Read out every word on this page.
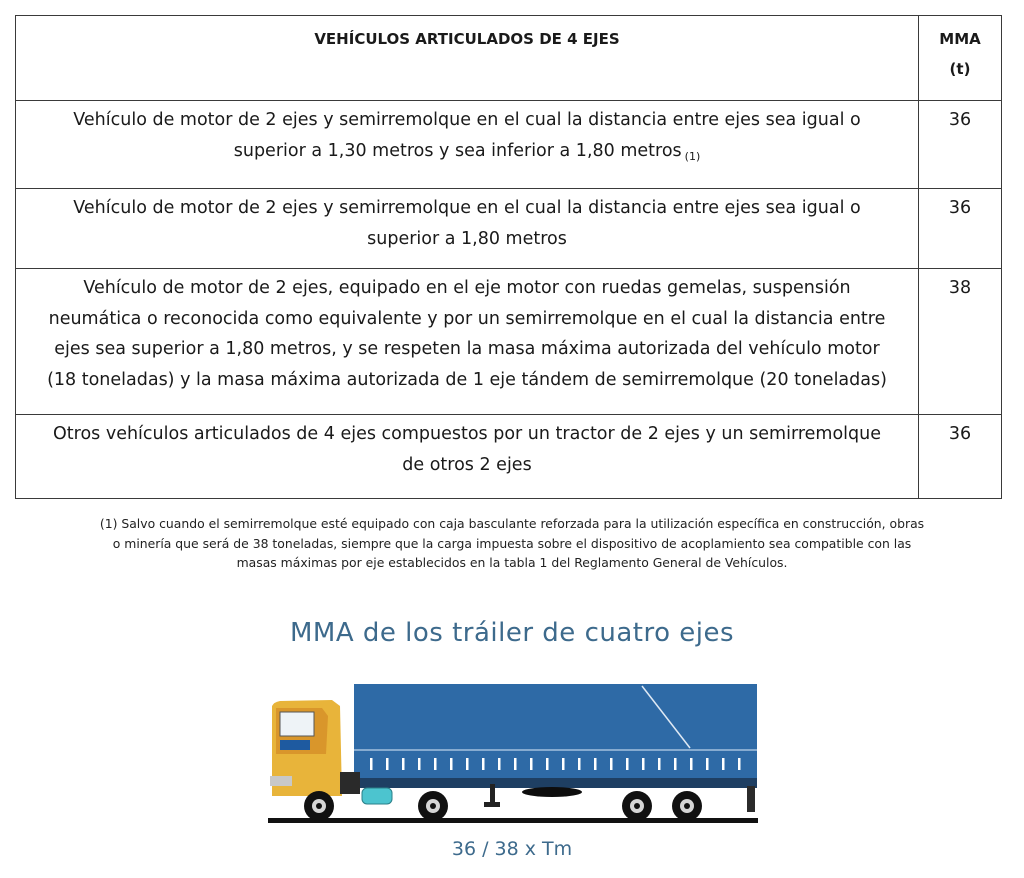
VEHÍCULOS ARTICULADOS DE 4 EJES	MMA
(t)

Vehículo de motor de 2 ejes y semirremolque en el cual la distancia entre ejes sea igual o
superior a 1,30 metros y sea inferior a 1,80 metros $_{(1)}$	36
Vehículo de motor de 2 ejes y semirremolque en el cual la distancia entre ejes sea igual o
superior a 1,80 metros	36
Vehículo de motor de 2 ejes, equipado en el eje motor con ruedas gemelas, suspensión
neumática o reconocida como equivalente y por un semirremolque en el cual la distancia entre
ejes sea superior a 1,80 metros, y se respeten la masa máxima autorizada del vehículo motor
(18 toneladas) y la masa máxima autorizada de 1 eje tándem de semirremolque (20 toneladas)	38
Otros vehículos articulados de 4 ejes compuestos por un tractor de 2 ejes y un semirremolque
de otros 2 ejes	36
(1) Salvo cuando el semirremolque esté equipado con caja basculante reforzada para la utilización específica en construcción, obras
o minería que será de 38 toneladas, siempre que la carga impuesta sobre el dispositivo de acoplamiento sea compatible con las
masas máximas por eje establecidos en la tabla 1 del Reglamento General de Vehículos.
MMA de los tráiler de cuatro ejes
36 / 38 x Tm
